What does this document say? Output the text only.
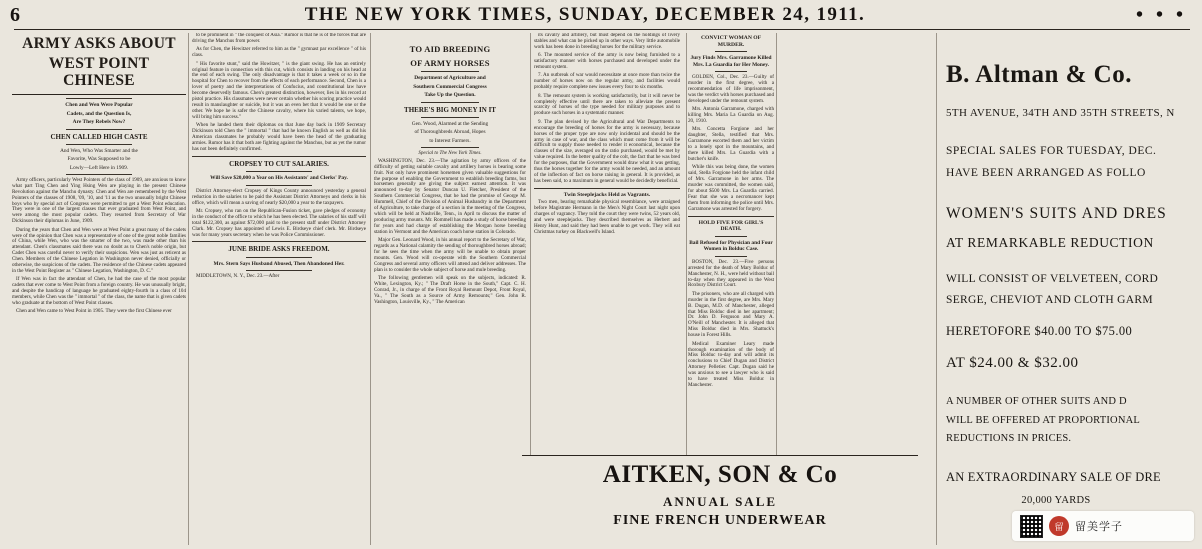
6	THE NEW YORK TIMES, SUNDAY, DECEMBER 24, 1911.	• • •
ARMY ASKS ABOUT
WEST POINT CHINESE
Chen and Wen Were Popular
Cadets, and the Question Is,
Are They Rebels Now?
CHEN CALLED HIGH CASTE
And Wen, Who Was Smarter and the
Favorite, Was Supposed to be
Lowly—Left Here in 1909.

Army officers, particularly West Pointers of the class of 1909, are anxious to know what part Ting Chen and Ying Hsing Wen are playing in the present Chinese Revolution against the Manchu dynasty. Chen and Wen are remembered by the West Pointers of the classes of 1908, '09, '10, and '11 as the two unusually bright Chinese boys who by special act of Congress were permitted to get a West Point education. They were in one of the largest classes that ever graduated from West Point, and were among the most popular cadets. They resorted from Secretary of War Dickinson their diplomas in June, 1909.

During the years that Chen and Wen were at West Point a great many of the cadets were of the opinion that Chen was a representative of one of the great noble families of China, while Wen, who was the smarter of the two, was made other than his attendant. Chen's classmates said there was no doubt as to Chen's noble origin, but Cadet Chen was careful never to verify their suspicions. Wen was just as reticent as Chen. Members of the Chinese Legation in Washington never denied, officially or otherwise, the suspicions of the cadets. The residence of the Chinese cadets appeared in the West Point Register as " Chinese Legation, Washington, D. C."

If Wen was in fact the attendant of Chen, he had the case of the most popular cadets that ever come to West Point from a foreign country. He was unusually bright, and despite the handicap of language he graduated eighty-fourth in a class of 104 members, while Chen was the " immortal " of the class, the name that is given cadets who graduate at the bottom of West Point classes.

Chen and Wen came to West Point in 1905. They were the first Chinese ever

to be prominent in " the conquest of Asia." Rumor is that he is of the forces that are driving the Manchus from power.

As for Chen, the Hewitzer referred to him as the " gymnast par excellence " of his class.

" His favorite stunt," said the Howitzer, " is the giant swing. He has an entirely original feature in connection with this cut, which consists in landing on his head at the end of each swing. The only disadvantage is that it takes a week or so in the hospital for Chen to recover from the effects of each performance. Second, Chen is a lover of poetry and the interpretations of Confucius, and constitutional law have become deservedly famous. Chen's greatest distinction, however, lies in his record at pistol practice. His classmates were never certain whether his scoring practice would result in manslaughter or suicide, but it was an even bet that it would be one or the other. We hope he is safer the Chinese cavalry, where his varied talents, we hope, will bring him success."

When he landed them their diplomas on that June day back in 1909 Secretary Dickinson told Chen the " immortal " that had he known English as well as did his American classmates he probably would have been the head of the graduating armies. Rumor has it that both are fighting against the Manchus, but as yet the rumor has not been definitely confirmed.

CROPSEY TO CUT SALARIES.
Will Save $20,000 a Year on His Assistants' and Clerks' Pay.

District Attorney-elect Cropsey of Kings County announced yesterday a general reduction in the salaries to be paid the Assistant District Attorneys and clerks in his office, which will mean a saving of nearly $20,000 a year to the taxpayers.

Mr. Cropsey, who ran on the Republican-Fusion ticket, gave pledges of economy in the conduct of the office to which he has been elected. The salaries of his staff will total $122,300, as against $72,000 paid to the present staff under District Attorney Clark. Mr. Cropsey has appointed of Lewis E. Birdseye chief clerk. Mr. Birdseye was for many years secretary when he was Police Commissioner.

JUNE BRIDE ASKS FREEDOM.
Mrs. Stern Says Husband Abused, Then Abandoned Her.

MIDDLETOWN, N. Y., Dec. 23.—After

TO AID BREEDING
OF ARMY HORSES
Department of Agriculture and
Southern Commercial Congress
Take Up the Question.
THERE'S BIG MONEY IN IT
Gen. Wood, Alarmed at the Sending
of Thoroughbreds Abroad, Hopes
to Interest Farmers.
Special to The New York Times.

WASHINGTON, Dec. 23.—The agitation by army officers of the difficulty of getting suitable cavalry and artillery horses is bearing some fruit. Not only have prominent horsemen given valuable suggestions for the purpose of enabling the Government to establish breeding farms, but horsemen generally are giving the subject earnest attention. It was announced to-day by Senator Duncan U. Fletcher, President of the Southern Commercial Congress, that he had the promise of George M. Hummell, Chief of the Division of Animal Husbandry in the Department of Agriculture, to take charge of a section in the meeting of the Congress, which will be held at Nashville, Tenn., in April to discuss the matter of producing army mounts. Mr. Rommell has made a study of horse breeding for years and had charge of establishing the Morgan horse breeding station in Vermont and the American coach horse station in Colorado.

Major Gen. Leonard Wood, in his annual report to the Secretary of War, regards as a National calamity the sending of thoroughbred horses abroad; for he sees the time when the army will be unable to obtain proper mounts. Gen. Wood will co-operate with the Southern Commercial Congress and several army officers will attend and deliver addresses. The plan is to consider the whole subject of horse and mule breeding.

The following gentlemen will speak on the subjects, indicated: R. White, Lexington, Ky.; " The Draft Horse in the South," Capt. C. H. Conrad, Jr., in charge of the Front Royal Remount Depot, Front Royal, Va., " The South as a Source of Army Remounts;" Gen. John R. Vashington, Louisville, Ky., " The American

its cavalry and artillery, but must depend on the holdings of livery stables and what can be picked up in other ways. Very little automobile work has been done in breeding horses for the military service.

6. The mounted service of the army is now being furnished to a satisfactory manner with horses purchased and developed under the remount system.

7. An outbreak of war would necessitate at once more than twice the number of horses now on the regular army, and facilities would probably require complete new issues every four to six months.

8. The remount system is working satisfactorily, but it will never be completely effective until there are taken to alleviate the present scarcity of horses of the type needed for military purposes and to produce such horses in a systematic manner.

9. The plan devised by the Agricultural and War Departments to encourage the breeding of horses for the army is necessary, because horses of the proper type are now only incidental and should be the army in case of war, and the class which must come from it will be difficult to supply those needed to render it economical, because the classes of the size, averaged on the ratio purchased, would be met by value required. In the better quality of the colt, the fact that he was bred for the purposes, that the Government would draw what it was getting, thus the horses together for the army would be needed, and an amount of the inflection of fact on horse raising in general. It is provided, as has been said, to a maximum in general would be decidedly beneficial.

Twin Steeplejacks Held as Vagrants.

Two men, bearing remarkable physical resemblance, were arraigned before Magistrate Hermann in the Men's Night Court last night upon charges of vagrancy. They told the court they were twins, 52 years old, and were steeplejacks. They described themselves as Herbert and Henry Hunt, and said they had been unable to get work. They will eat Christmas turkey on Blackwell's Island.

CONVICT WOMAN OF MURDER.
Jury Finds Mrs. Garramone Killed Mrs. La Guardia for Her Money.

GOLDEN, Col., Dec. 23.—Guilty of murder in the first degree, with a recommendation of life imprisonment, was the verdict with horses purchased and developed under the remount system.

Mrs. Antonia Garramone, charged with killing Mrs. Maria La Guardia on Aug. 20, 1910.

Mrs. Concetta Forgione and her daughter, Stella, testified that Mrs. Garramone escorted them and her victim to a lonely spot in the mountains, and there killed Mrs. La Guardia with a butcher's knife.

While this was being done, the women said, Stella Forgione held the infant child of Mrs. Garramone in her arms. The murder was committed, the women said, for about $500 Mrs. La Guardia carried. Fear that she was a necromancer kept them from informing the police until Mrs. Garramone was arrested for forgery.

HOLD FIVE FOR GIRL'S DEATH.
Bail Refused for Physician and Four Women in Bolduc Case.

BOSTON, Dec. 23.—Five persons arrested for the death of Mary Bolduc of Manchester, N. H., were held without bail to-day when they appeared in the West Roxbury District Court.

The prisoners, who are all charged with murder in the first degree, are Mrs. Mary B. Dugan, M.D. of Manchester, alleged that Miss Bolduc died in her apartment; Dr. John D. Ferguson and Mary A. O'Neill of Manchester. It is alleged that Miss Bolduc died in Mrs. Shattuck's house in Forest Hills.

Medical Examiner Leary made thorough examination of the body of Miss Bolduc to-day and will admit its conclusions to Chief Dugan and District Attorney Pelletier. Capt. Dugan said he was anxious to see a lawyer who is said to have treated Miss Bolduc in Manchester.

AITKEN, SON & Co
ANNUAL SALE
FINE FRENCH UNDERWEAR
B. Altman & Co.
5TH AVENUE, 34TH AND 35TH STREETS, N
SPECIAL SALES FOR TUESDAY, DEC.
HAVE BEEN ARRANGED AS FOLLO
WOMEN'S SUITS AND DRES
AT REMARKABLE REDUCTION
WILL CONSIST OF VELVETEEN, CORD
SERGE, CHEVIOT AND CLOTH GARM
HERETOFORE $40.00 TO $75.00
AT $24.00 & $32.00
A NUMBER OF OTHER SUITS AND D
WILL BE OFFERED AT PROPORTIONAL
REDUCTIONS IN PRICES.
AN EXTRAORDINARY SALE OF DRE
20,000 YARDS
留	留美学子
